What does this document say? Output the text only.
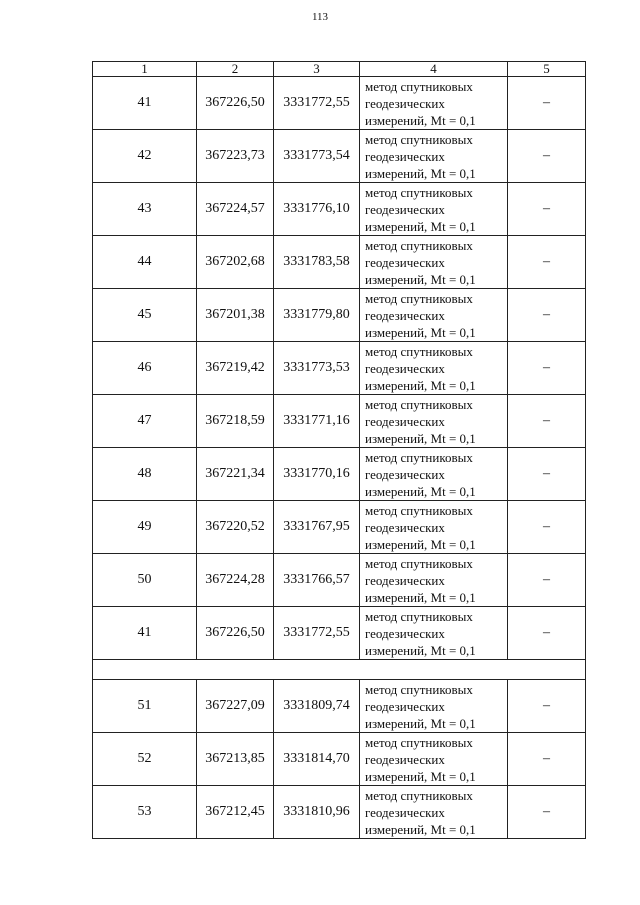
113
1	2	3	4	5
41	367226,50	3331772,55	метод спутниковых
геодезических
измерений, Mt = 0,1	–
42	367223,73	3331773,54	метод спутниковых
геодезических
измерений, Mt = 0,1	–
43	367224,57	3331776,10	метод спутниковых
геодезических
измерений, Mt = 0,1	–
44	367202,68	3331783,58	метод спутниковых
геодезических
измерений, Mt = 0,1	–
45	367201,38	3331779,80	метод спутниковых
геодезических
измерений, Mt = 0,1	–
46	367219,42	3331773,53	метод спутниковых
геодезических
измерений, Mt = 0,1	–
47	367218,59	3331771,16	метод спутниковых
геодезических
измерений, Mt = 0,1	–
48	367221,34	3331770,16	метод спутниковых
геодезических
измерений, Mt = 0,1	–
49	367220,52	3331767,95	метод спутниковых
геодезических
измерений, Mt = 0,1	–
50	367224,28	3331766,57	метод спутниковых
геодезических
измерений, Mt = 0,1	–
41	367226,50	3331772,55	метод спутниковых
геодезических
измерений, Mt = 0,1	–

51	367227,09	3331809,74	метод спутниковых
геодезических
измерений, Mt = 0,1	–
52	367213,85	3331814,70	метод спутниковых
геодезических
измерений, Mt = 0,1	–
53	367212,45	3331810,96	метод спутниковых
геодезических
измерений, Mt = 0,1	–
